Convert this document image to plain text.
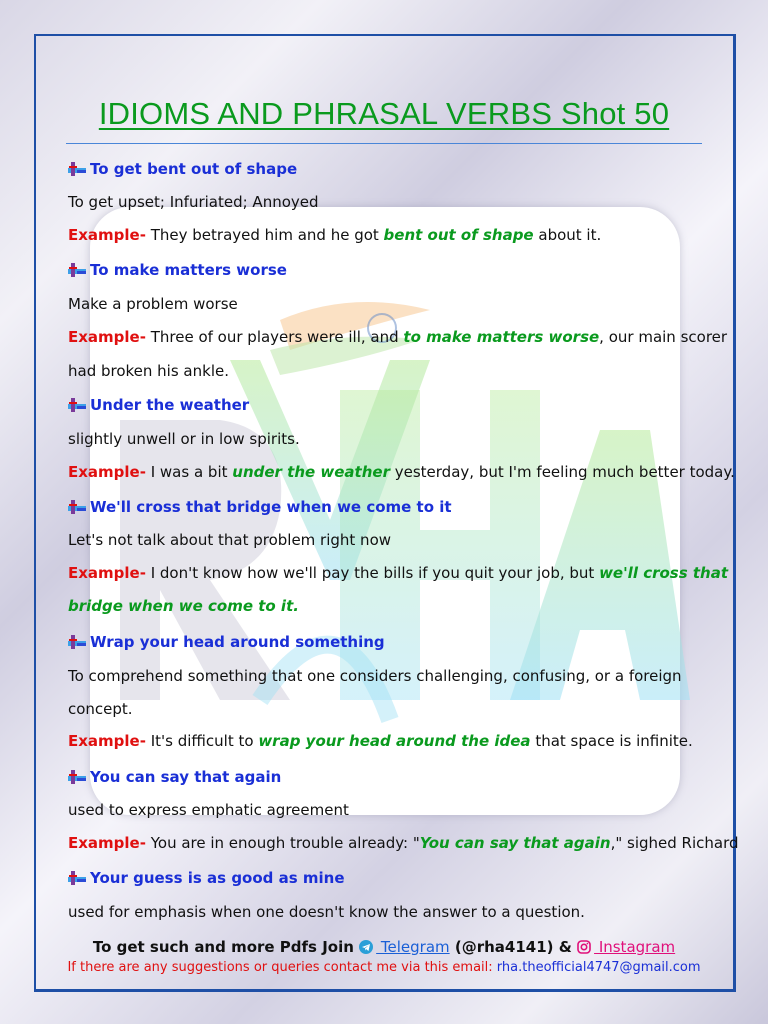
IDIOMS AND PHRASAL VERBS Shot 50
To get bent out of shape
To get upset; Infuriated; Annoyed
Example- They betrayed him and he got bent out of shape about it.
To make matters worse
Make a problem worse
Example- Three of our players were ill, and to make matters worse, our main scorer
had broken his ankle.
Under the weather
slightly unwell or in low spirits.
Example- I was a bit under the weather yesterday, but I'm feeling much better today.
We'll cross that bridge when we come to it
Let's not talk about that problem right now
Example- I don't know how we'll pay the bills if you quit your job, but we'll cross that
bridge when we come to it.
Wrap your head around something
To comprehend something that one considers challenging, confusing, or a foreign
concept.
Example- It's difficult to wrap your head around the idea that space is infinite.
You can say that again
used to express emphatic agreement
Example- You are in enough trouble already: "You can say that again," sighed Richard
Your guess is as good as mine
used for emphasis when one doesn't know the answer to a question.
To get such and more Pdfs Join  Telegram (@rha4141) &  Instagram
If there are any suggestions or queries contact me via this email: rha.theofficial4747@gmail.com
